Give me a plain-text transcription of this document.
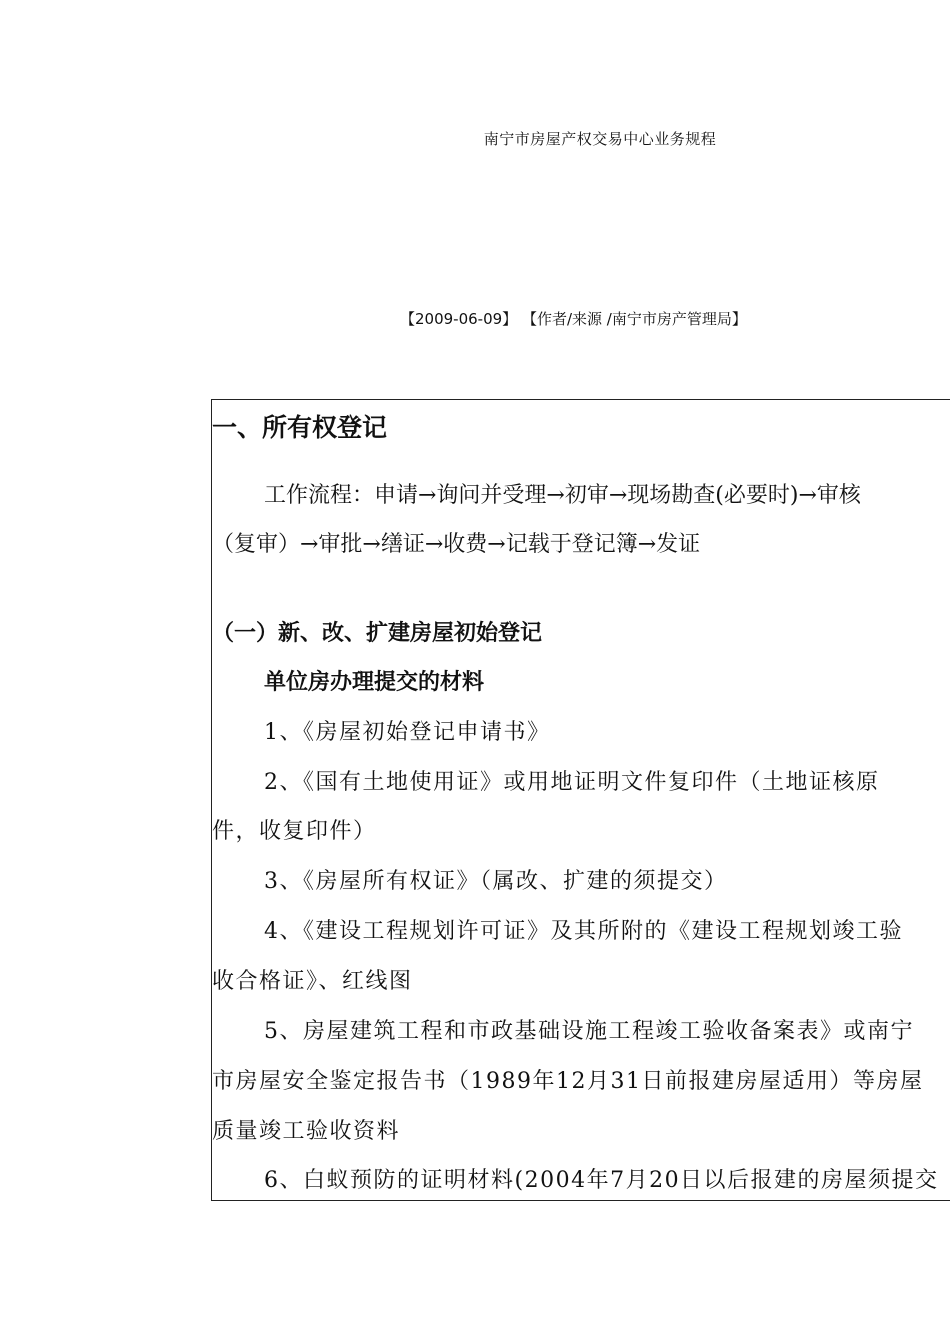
南宁市房屋产权交易中心业务规程
【2009-06-09】 【作者/来源 /南宁市房产管理局】
一、所有权登记
工作流程：申请→询问并受理→初审→现场勘查(必要时)→审核
（复审）→审批→缮证→收费→记载于登记簿→发证
（一）新、改、扩建房屋初始登记
单位房办理提交的材料
1、《房屋初始登记申请书》
2、《国有土地使用证》或用地证明文件复印件（土地证核原
件，收复印件）
3、《房屋所有权证》（属改、扩建的须提交）
4、《建设工程规划许可证》及其所附的《建设工程规划竣工验
收合格证》、红线图
5、房屋建筑工程和市政基础设施工程竣工验收备案表》或南宁
市房屋安全鉴定报告书（1989年12月31日前报建房屋适用）等房屋
质量竣工验收资料
6、白蚁预防的证明材料(2004年7月20日以后报建的房屋须提交
